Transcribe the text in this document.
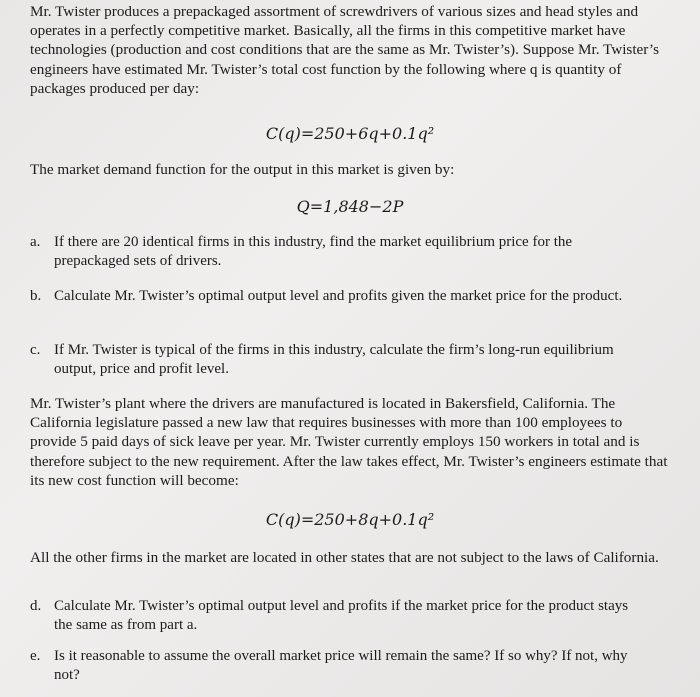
Mr. Twister produces a prepackaged assortment of screwdrivers of various sizes and head styles and operates in a perfectly competitive market. Basically, all the firms in this competitive market have technologies (production and cost conditions that are the same as Mr. Twister’s). Suppose Mr. Twister’s engineers have estimated Mr. Twister’s total cost function by the following where q is quantity of packages produced per day:
C(q)=250+6q+0.1q²
The market demand function for the output in this market is given by:
Q=1,848−2P
a. If there are 20 identical firms in this industry, find the market equilibrium price for the prepackaged sets of drivers.
b. Calculate Mr. Twister’s optimal output level and profits given the market price for the product.
c. If Mr. Twister is typical of the firms in this industry, calculate the firm’s long-run equilibrium output, price and profit level.
Mr. Twister’s plant where the drivers are manufactured is located in Bakersfield, California. The California legislature passed a new law that requires businesses with more than 100 employees to provide 5 paid days of sick leave per year. Mr. Twister currently employs 150 workers in total and is therefore subject to the new requirement. After the law takes effect, Mr. Twister’s engineers estimate that its new cost function will become:
C(q)=250+8q+0.1q²
All the other firms in the market are located in other states that are not subject to the laws of California.
d. Calculate Mr. Twister’s optimal output level and profits if the market price for the product stays the same as from part a.
e. Is it reasonable to assume the overall market price will remain the same? If so why? If not, why not?
